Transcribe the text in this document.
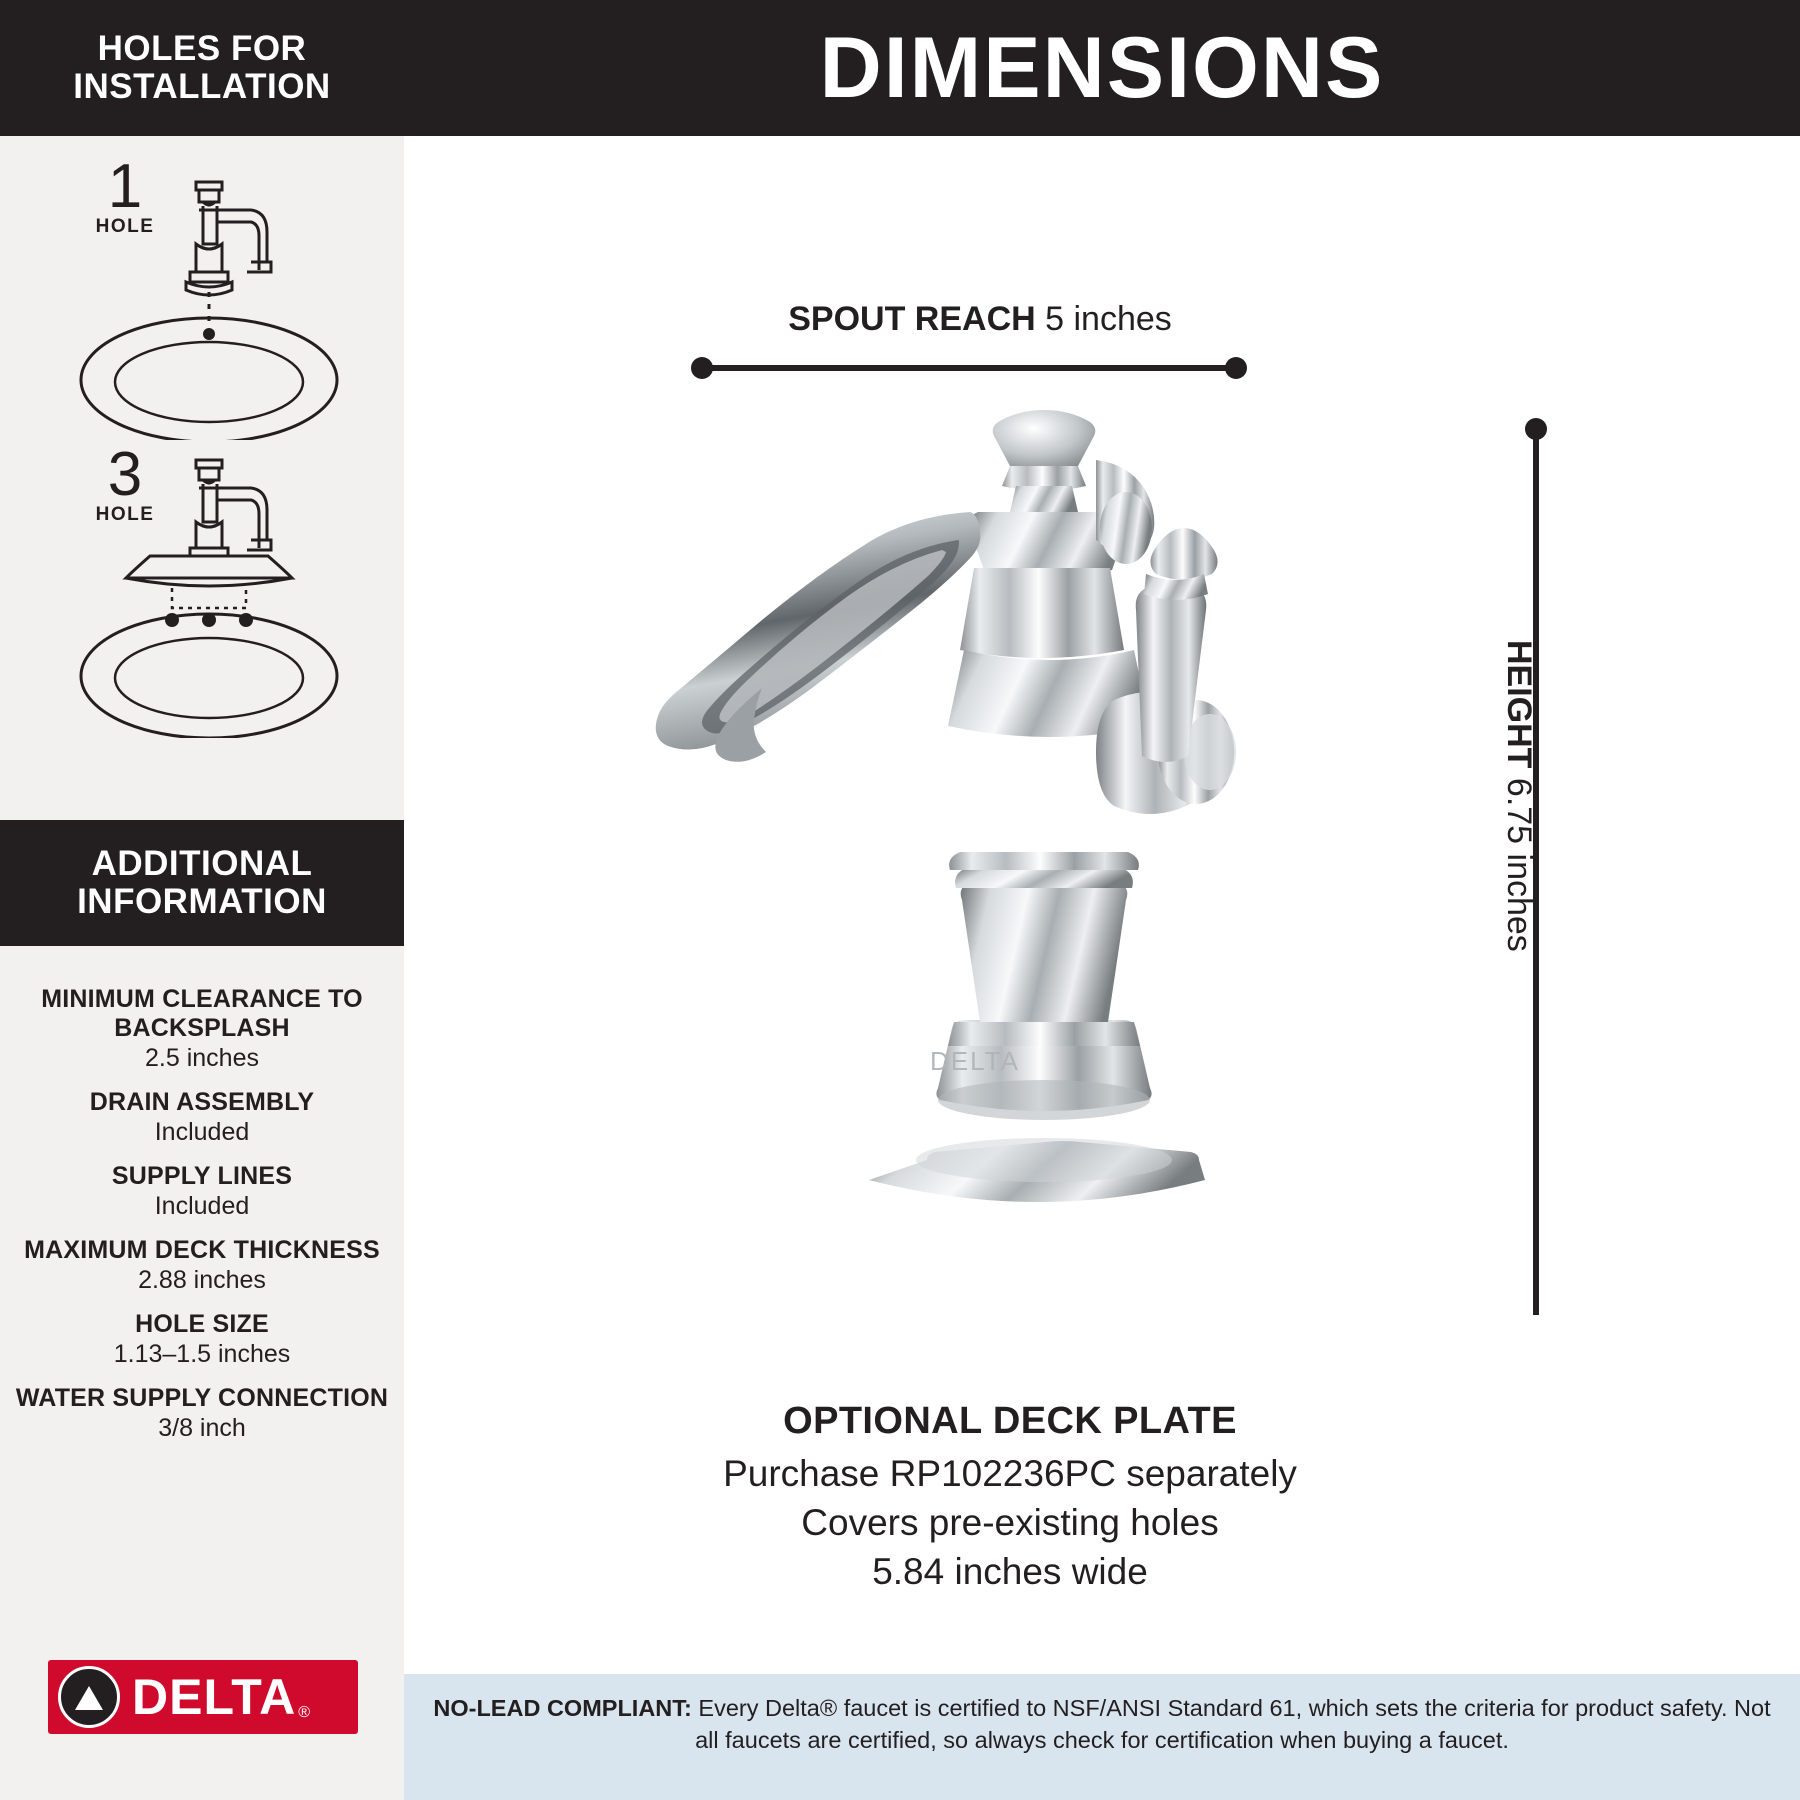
HOLES FOR
INSTALLATION
1
HOLE
3
HOLE
ADDITIONAL
INFORMATION
MINIMUM CLEARANCE TO BACKSPLASH
2.5 inches
DRAIN ASSEMBLY
Included
SUPPLY LINES
Included
MAXIMUM DECK THICKNESS
2.88 inches
HOLE SIZE
1.13–1.5 inches
WATER SUPPLY CONNECTION
3/8 inch
DELTA ®
DIMENSIONS
SPOUT REACH 5 inches
HEIGHT 6.75 inches
DELTA
OPTIONAL DECK PLATE
Purchase RP102236PC separately
Covers pre-existing holes
5.84 inches wide
NO-LEAD COMPLIANT: Every Delta® faucet is certified to NSF/ANSI Standard 61, which sets the criteria for product safety. Not all faucets are certified, so always check for certification when buying a faucet.
